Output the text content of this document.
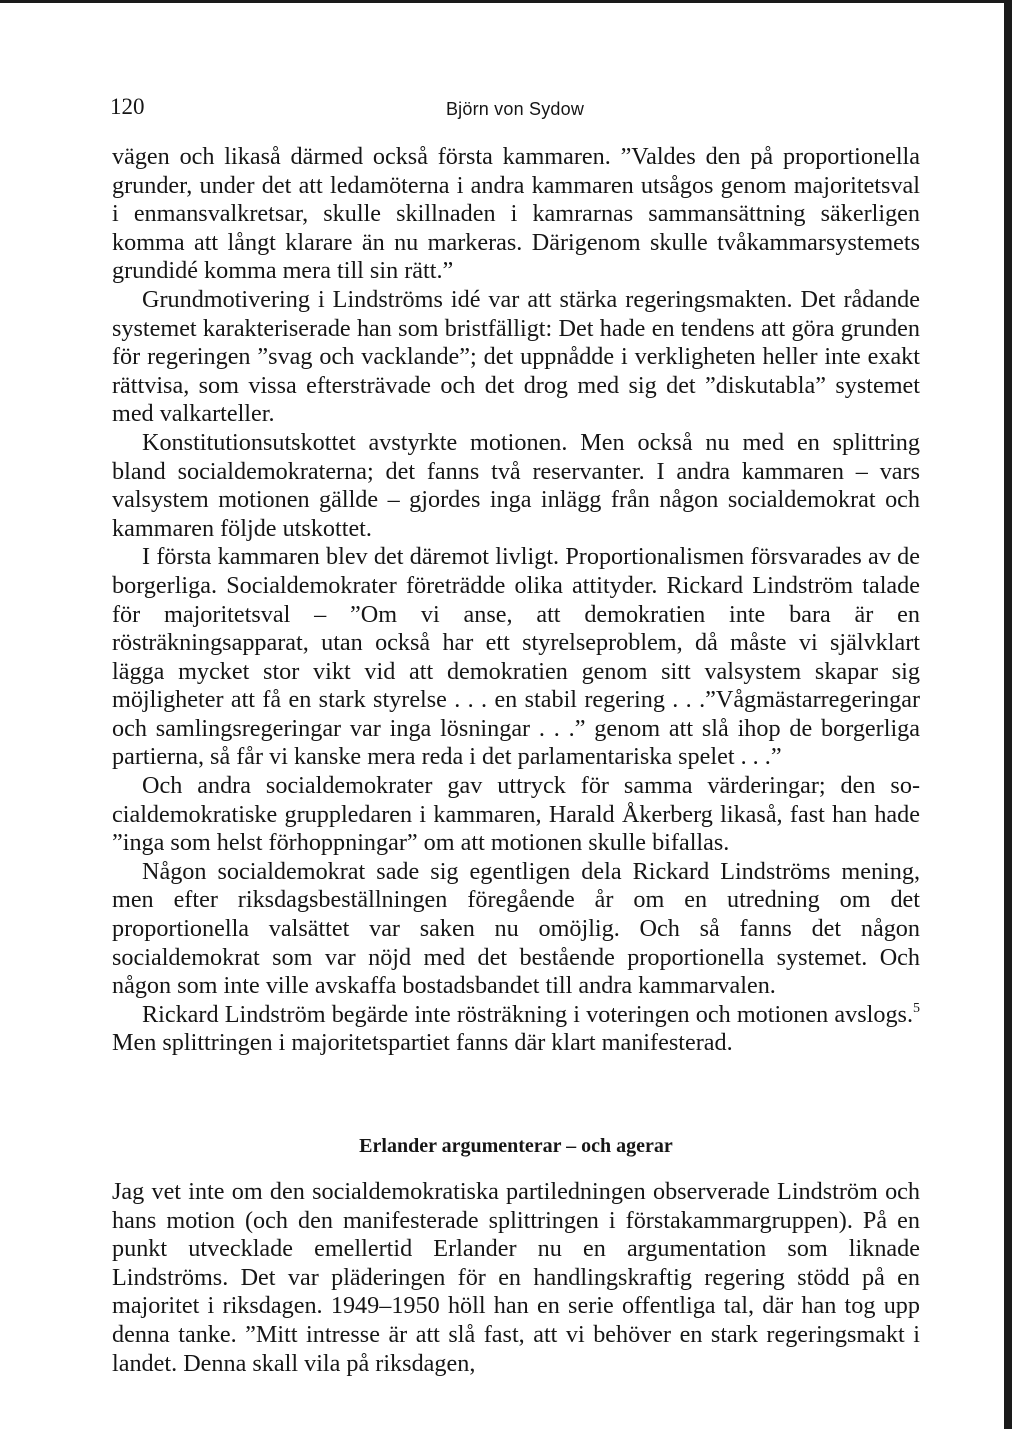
120	Björn von Sydow

vägen och likaså därmed också första kammaren. ”Valdes den på proportionella grunder, under det att ledamöterna i andra kammaren utsågos genom majoritetsval i enmansvalkretsar, skulle skillnaden i kamrarnas sammansättning säkerligen komma att långt klarare än nu markeras. Därigenom skulle tvåkammarsystemets grundidé komma mera till sin rätt.”

Grundmotivering i Lindströms idé var att stärka regeringsmakten. Det rådande systemet karakteriserade han som bristfälligt: Det hade en tendens att göra grunden för regeringen ”svag och vacklande”; det uppnådde i verkligheten heller inte exakt rättvisa, som vissa eftersträvade och det drog med sig det ”diskutabla” systemet med valkarteller.

Konstitutionsutskottet avstyrkte motionen. Men också nu med en splittring bland socialdemokraterna; det fanns två reservanter. I andra kammaren – vars valsystem motionen gällde – gjordes inga inlägg från någon socialdemokrat och kammaren följde utskottet.

I första kammaren blev det däremot livligt. Proportionalismen försvarades av de borgerliga. Socialdemokrater företrädde olika attityder. Rickard Lindström talade för majoritetsval – ”Om vi anse, att demokratien inte bara är en rösträkningsapparat, utan också har ett styrelseproblem, då måste vi självklart lägga mycket stor vikt vid att demokratien genom sitt valsystem skapar sig möjligheter att få en stark styrelse . . . en stabil regering . . .”Vågmästarregeringar och samlingsregeringar var inga lösningar . . .” genom att slå ihop de borgerliga partierna, så får vi kanske mera reda i det parlamentariska spelet . . .”

Och andra socialdemokrater gav uttryck för samma värderingar; den socialdemokratiske gruppledaren i kammaren, Harald Åkerberg likaså, fast han hade ”inga som helst förhoppningar” om att motionen skulle bifallas.

Någon socialdemokrat sade sig egentligen dela Rickard Lindströms mening, men efter riksdagsbeställningen föregående år om en utredning om det proportionella valsättet var saken nu omöjlig. Och så fanns det någon socialdemokrat som var nöjd med det bestående proportionella systemet. Och någon som inte ville avskaffa bostadsbandet till andra kammarvalen.

Rickard Lindström begärde inte rösträkning i voteringen och motionen avslogs.$^5$ Men splittringen i majoritetspartiet fanns där klart manifesterad.

Erlander argumenterar – och agerar

Jag vet inte om den socialdemokratiska partiledningen observerade Lindström och hans motion (och den manifesterade splittringen i förstakammargruppen). På en punkt utvecklade emellertid Erlander nu en argumentation som liknade Lindströms. Det var pläderingen för en handlingskraftig regering stödd på en majoritet i riksdagen. 1949–1950 höll han en serie offentliga tal, där han tog upp denna tanke. ”Mitt intresse är att slå fast, att vi behöver en stark regeringsmakt i landet. Denna skall vila på riksdagen,
